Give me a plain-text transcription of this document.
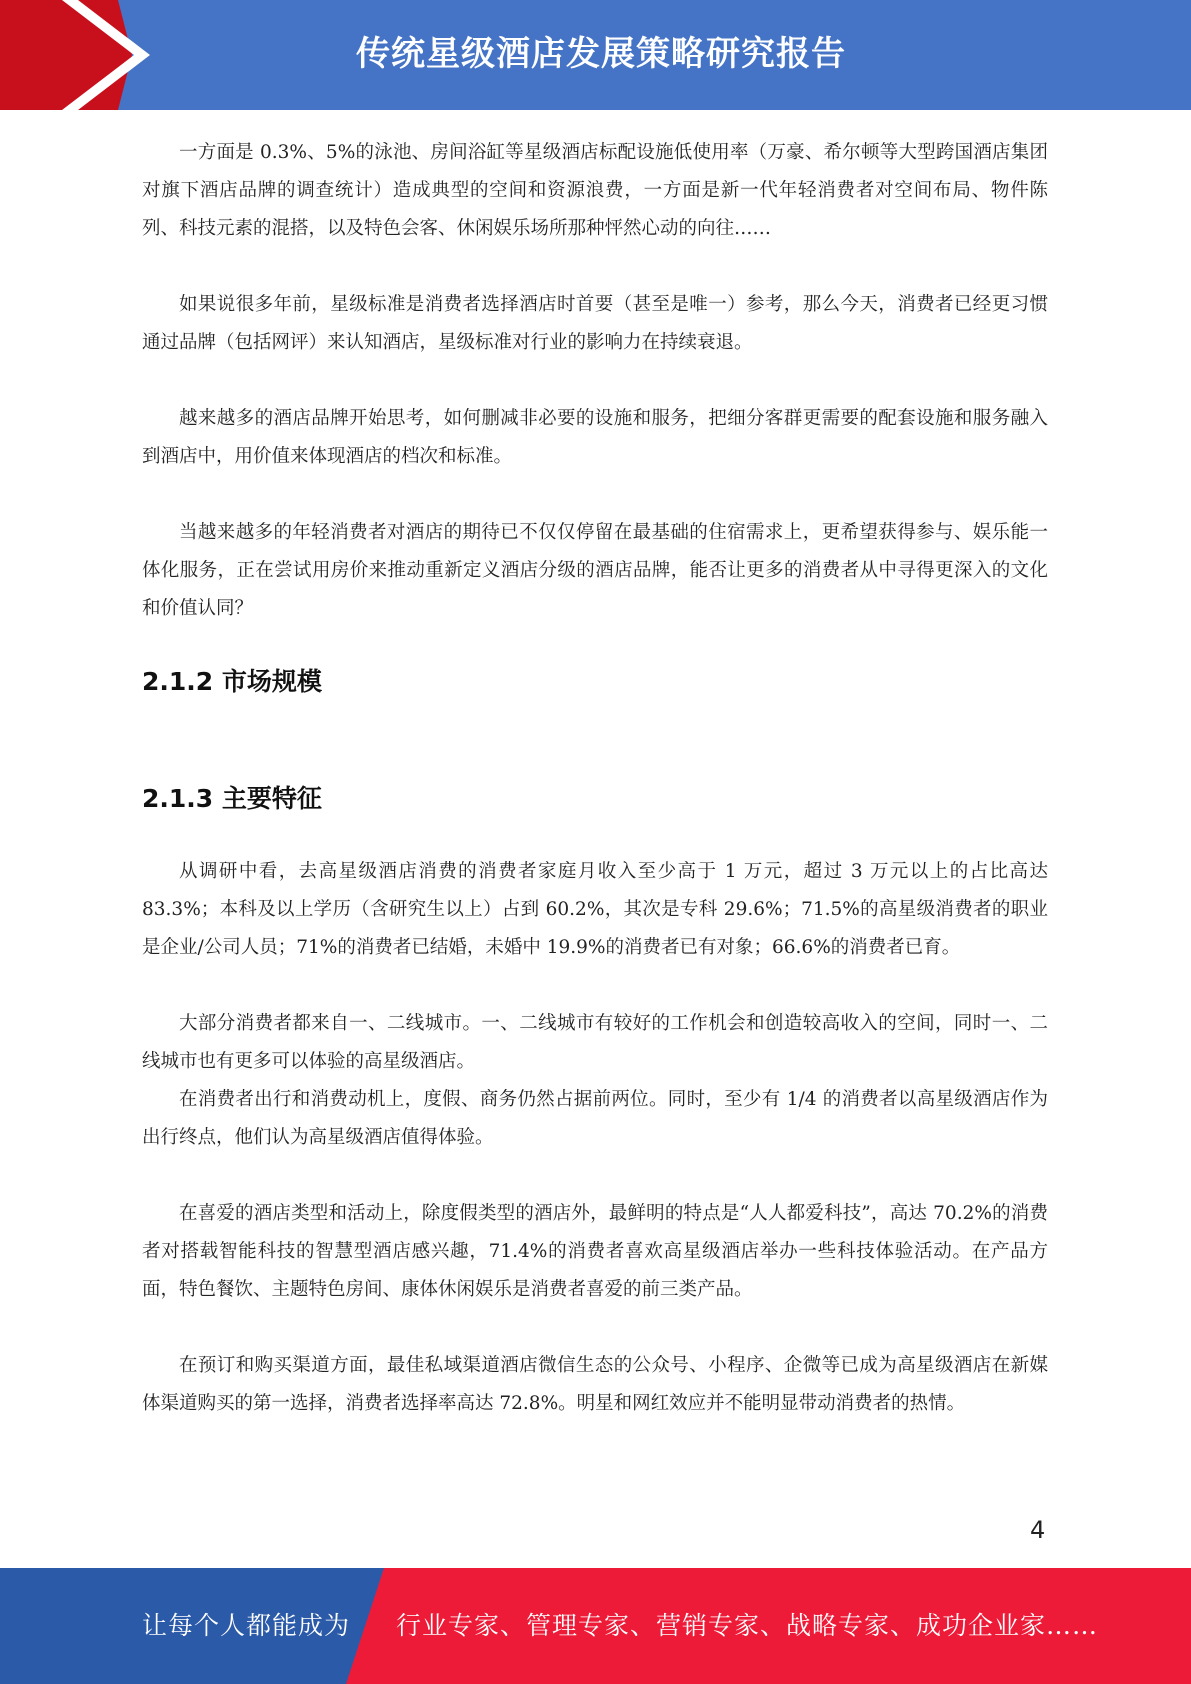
传统星级酒店发展策略研究报告

一方面是 0.3%、5%的泳池、房间浴缸等星级酒店标配设施低使用率（万豪、希尔顿等大型跨国酒店集团对旗下酒店品牌的调查统计）造成典型的空间和资源浪费，一方面是新一代年轻消费者对空间布局、物件陈列、科技元素的混搭，以及特色会客、休闲娱乐场所那种怦然心动的向往……

如果说很多年前，星级标准是消费者选择酒店时首要（甚至是唯一）参考，那么今天，消费者已经更习惯通过品牌（包括网评）来认知酒店，星级标准对行业的影响力在持续衰退。

越来越多的酒店品牌开始思考，如何删减非必要的设施和服务，把细分客群更需要的配套设施和服务融入到酒店中，用价值来体现酒店的档次和标准。

当越来越多的年轻消费者对酒店的期待已不仅仅停留在最基础的住宿需求上，更希望获得参与、娱乐能一体化服务，正在尝试用房价来推动重新定义酒店分级的酒店品牌，能否让更多的消费者从中寻得更深入的文化和价值认同？

2.1.2 市场规模
2.1.3 主要特征

从调研中看，去高星级酒店消费的消费者家庭月收入至少高于 1 万元，超过 3 万元以上的占比高达 83.3%；本科及以上学历（含研究生以上）占到 60.2%，其次是专科 29.6%；71.5%的高星级消费者的职业是企业/公司人员；71%的消费者已结婚，未婚中 19.9%的消费者已有对象；66.6%的消费者已育。

大部分消费者都来自一、二线城市。一、二线城市有较好的工作机会和创造较高收入的空间，同时一、二线城市也有更多可以体验的高星级酒店。

在消费者出行和消费动机上，度假、商务仍然占据前两位。同时，至少有 1/4 的消费者以高星级酒店作为出行终点，他们认为高星级酒店值得体验。

在喜爱的酒店类型和活动上，除度假类型的酒店外，最鲜明的特点是“人人都爱科技”，高达 70.2%的消费者对搭载智能科技的智慧型酒店感兴趣，71.4%的消费者喜欢高星级酒店举办一些科技体验活动。在产品方面，特色餐饮、主题特色房间、康体休闲娱乐是消费者喜爱的前三类产品。

在预订和购买渠道方面，最佳私域渠道酒店微信生态的公众号、小程序、企微等已成为高星级酒店在新媒体渠道购买的第一选择，消费者选择率高达 72.8%。明星和网红效应并不能明显带动消费者的热情。

4
让每个人都能成为 行业专家、管理专家、营销专家、战略专家、成功企业家……
